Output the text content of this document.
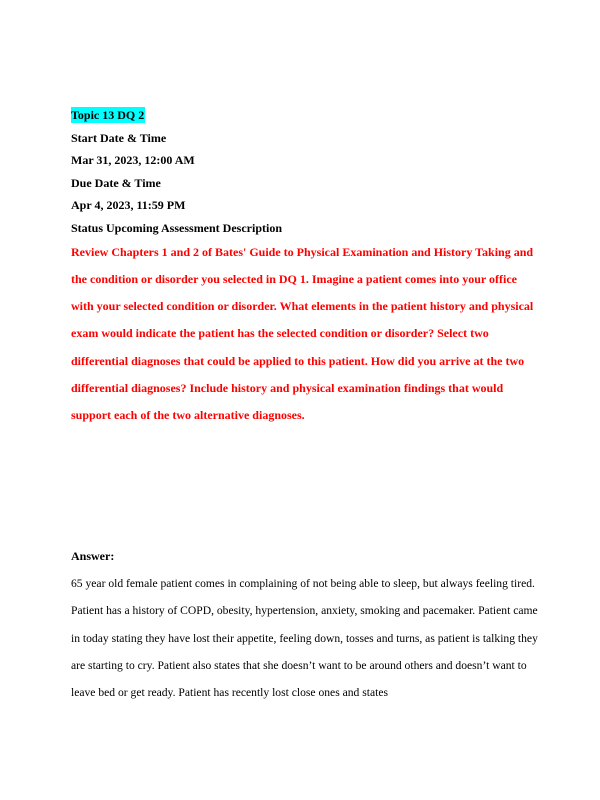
Topic 13 DQ 2
Start Date & Time
Mar 31, 2023, 12:00 AM
Due Date & Time
Apr 4, 2023, 11:59 PM
Status Upcoming Assessment Description
Review Chapters 1 and 2 of Bates' Guide to Physical Examination and History Taking and the condition or disorder you selected in DQ 1. Imagine a patient comes into your office with your selected condition or disorder. What elements in the patient history and physical exam would indicate the patient has the selected condition or disorder? Select two differential diagnoses that could be applied to this patient. How did you arrive at the two differential diagnoses? Include history and physical examination findings that would support each of the two alternative diagnoses.
Answer:
65 year old female patient comes in complaining of not being able to sleep, but always feeling tired. Patient has a history of COPD, obesity, hypertension, anxiety, smoking and pacemaker. Patient came in today stating they have lost their appetite, feeling down, tosses and turns, as patient is talking they are starting to cry. Patient also states that she doesn’t want to be around others and doesn’t want to leave bed or get ready. Patient has recently lost close ones and states
